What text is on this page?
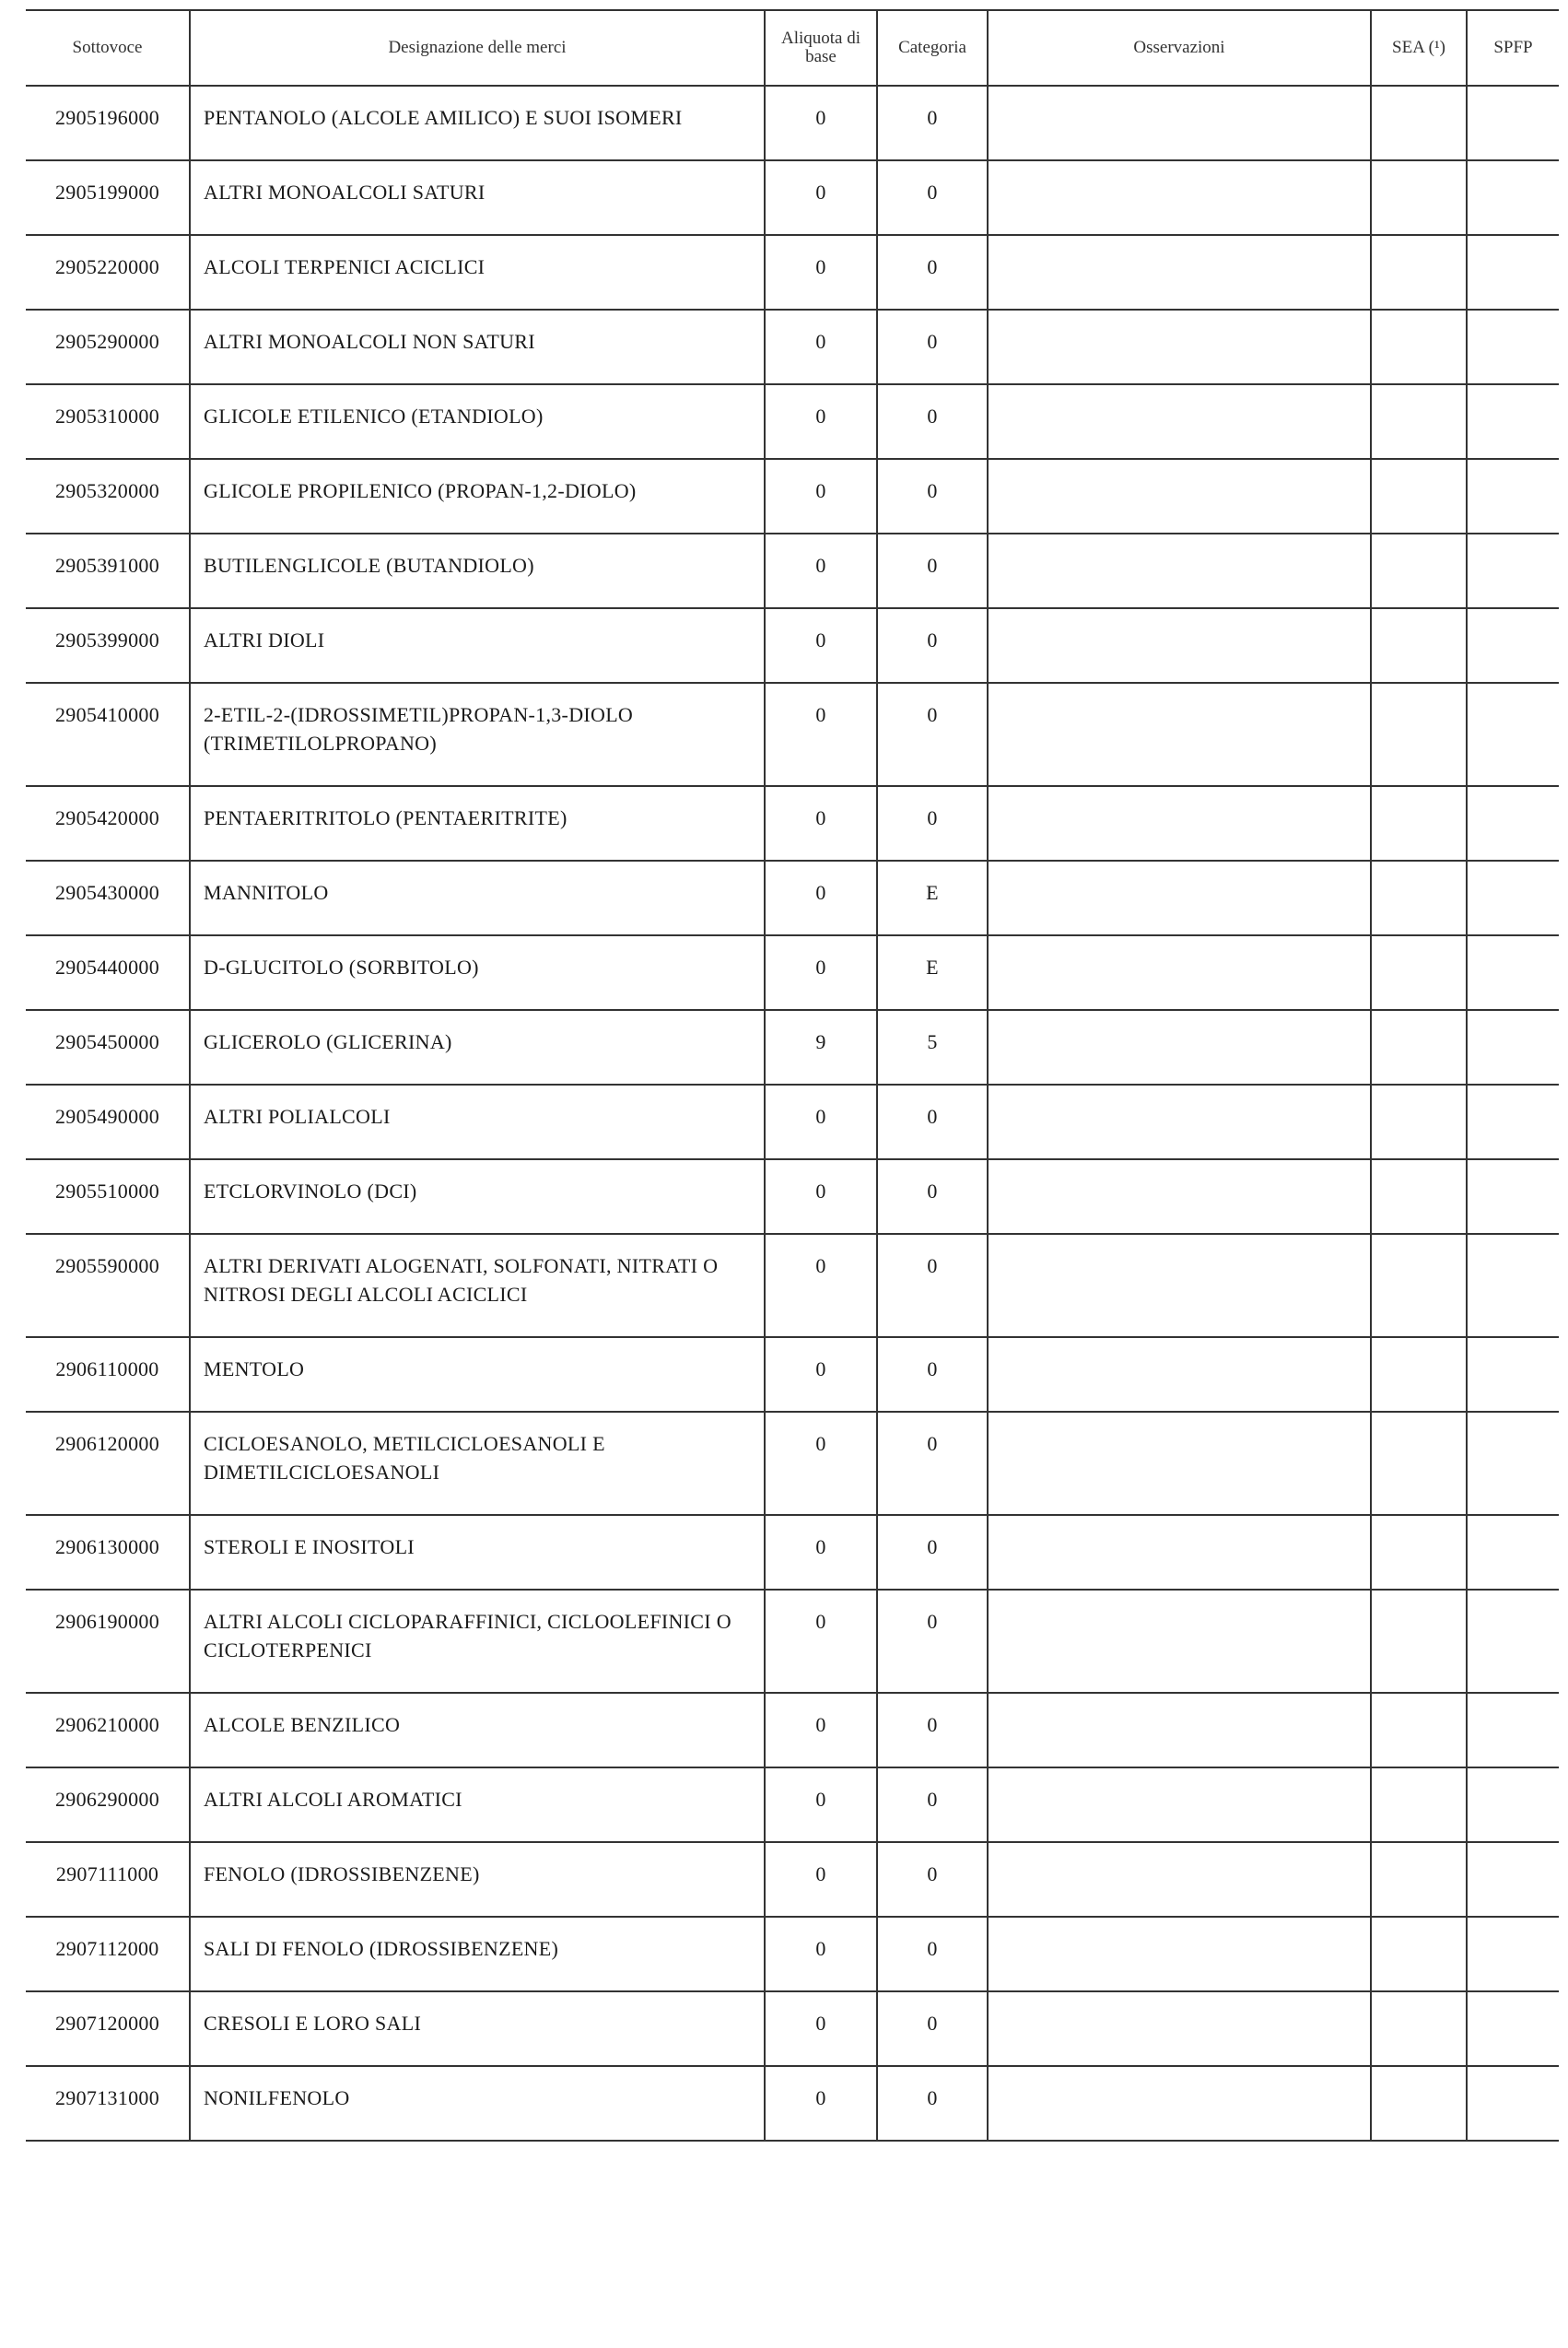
Sottovoce	Designazione delle merci	Aliquota di base	Categoria	Osservazioni	SEA (¹)	SPFP
2905196000	PENTANOLO (ALCOLE AMILICO) E SUOI ISOMERI	0	0			
2905199000	ALTRI MONOALCOLI SATURI	0	0			
2905220000	ALCOLI TERPENICI ACICLICI	0	0			
2905290000	ALTRI MONOALCOLI NON SATURI	0	0			
2905310000	GLICOLE ETILENICO (ETANDIOLO)	0	0			
2905320000	GLICOLE PROPILENICO (PROPAN-1,2-DIOLO)	0	0			
2905391000	BUTILENGLICOLE (BUTANDIOLO)	0	0			
2905399000	ALTRI DIOLI	0	0			
2905410000	2-ETIL-2-(IDROSSIMETIL)PROPAN-1,3-DIOLO (TRIMETILOLPROPANO)	0	0			
2905420000	PENTAERITRITOLO (PENTAERITRITE)	0	0			
2905430000	MANNITOLO	0	E			
2905440000	D-GLUCITOLO (SORBITOLO)	0	E			
2905450000	GLICEROLO (GLICERINA)	9	5			
2905490000	ALTRI POLIALCOLI	0	0			
2905510000	ETCLORVINOLO (DCI)	0	0			
2905590000	ALTRI DERIVATI ALOGENATI, SOLFONATI, NITRATI O NITROSI DEGLI ALCOLI ACICLICI	0	0			
2906110000	MENTOLO	0	0			
2906120000	CICLOESANOLO, METILCICLOESANOLI E DIMETILCICLOESANOLI	0	0			
2906130000	STEROLI E INOSITOLI	0	0			
2906190000	ALTRI ALCOLI CICLOPARAFFINICI, CICLOOLEFINICI O CICLOTERPENICI	0	0			
2906210000	ALCOLE BENZILICO	0	0			
2906290000	ALTRI ALCOLI AROMATICI	0	0			
2907111000	FENOLO (IDROSSIBENZENE)	0	0			
2907112000	SALI DI FENOLO (IDROSSIBENZENE)	0	0			
2907120000	CRESOLI E LORO SALI	0	0			
2907131000	NONILFENOLO	0	0			
